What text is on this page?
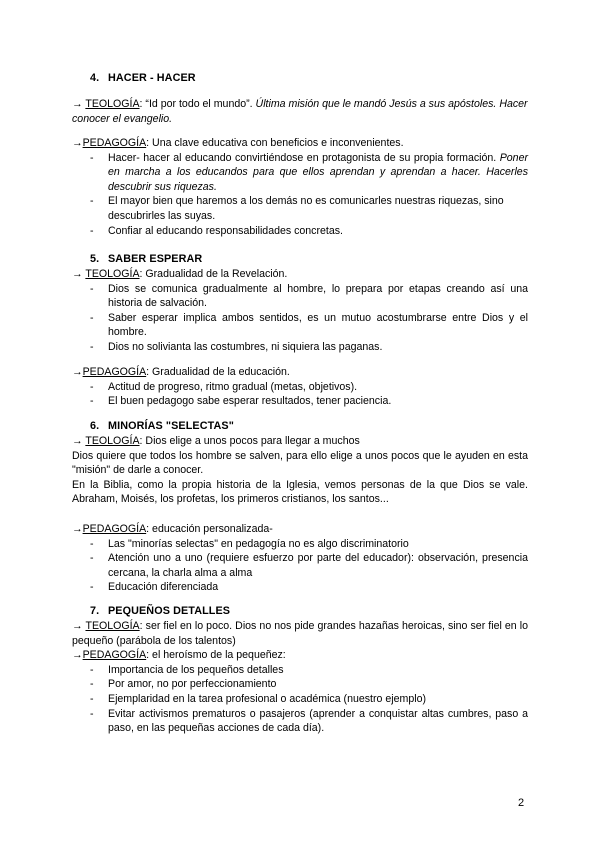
4. HACER - HACER

→ TEOLOGÍA: “Id por todo el mundo”. Última misión que le mandó Jesús a sus apóstoles. Hacer conocer el evangelio.

→PEDAGOGÍA: Una clave educativa con beneficios e inconvenientes.

- Hacer- hacer al educando convirtiéndose en protagonista de su propia formación. Poner en marcha a los educandos para que ellos aprendan y aprendan a hacer. Hacerles descubrir sus riquezas.
- El mayor bien que haremos a los demás no es comunicarles nuestras riquezas, sino descubrirles las suyas.
- Confiar al educando responsabilidades concretas.
5. SABER ESPERAR

→ TEOLOGÍA: Gradualidad de la Revelación.

- Dios se comunica gradualmente al hombre, lo prepara por etapas creando así una historia de salvación.
- Saber esperar implica ambos sentidos, es un mutuo acostumbrarse entre Dios y el hombre.
- Dios no solivianta las costumbres, ni siquiera las paganas.

→PEDAGOGÍA: Gradualidad de la educación.

- Actitud de progreso, ritmo gradual (metas, objetivos).
- El buen pedagogo sabe esperar resultados, tener paciencia.
6. MINORÍAS "SELECTAS"

→ TEOLOGÍA: Dios elige a unos pocos para llegar a muchos

Dios quiere que todos los hombre se salven, para ello elige a unos pocos que le ayuden en esta "misión" de darle a conocer.

En la Biblia, como la propia historia de la Iglesia, vemos personas de la que Dios se vale. Abraham, Moisés, los profetas, los primeros cristianos, los santos...

→PEDAGOGÍA: educación personalizada-

- Las "minorías selectas" en pedagogía no es algo discriminatorio
- Atención uno a uno (requiere esfuerzo por parte del educador): observación, presencia cercana, la charla alma a alma
- Educación diferenciada
7. PEQUEÑOS DETALLES

→ TEOLOGÍA: ser fiel en lo poco. Dios no nos pide grandes hazañas heroicas, sino ser fiel en lo pequeño (parábola de los talentos)

→PEDAGOGÍA: el heroísmo de la pequeñez:

- Importancia de los pequeños detalles
- Por amor, no por perfeccionamiento
- Ejemplaridad en la tarea profesional o académica (nuestro ejemplo)
- Evitar activismos prematuros o pasajeros (aprender a conquistar altas cumbres, paso a paso, en las pequeñas acciones de cada día).
2
